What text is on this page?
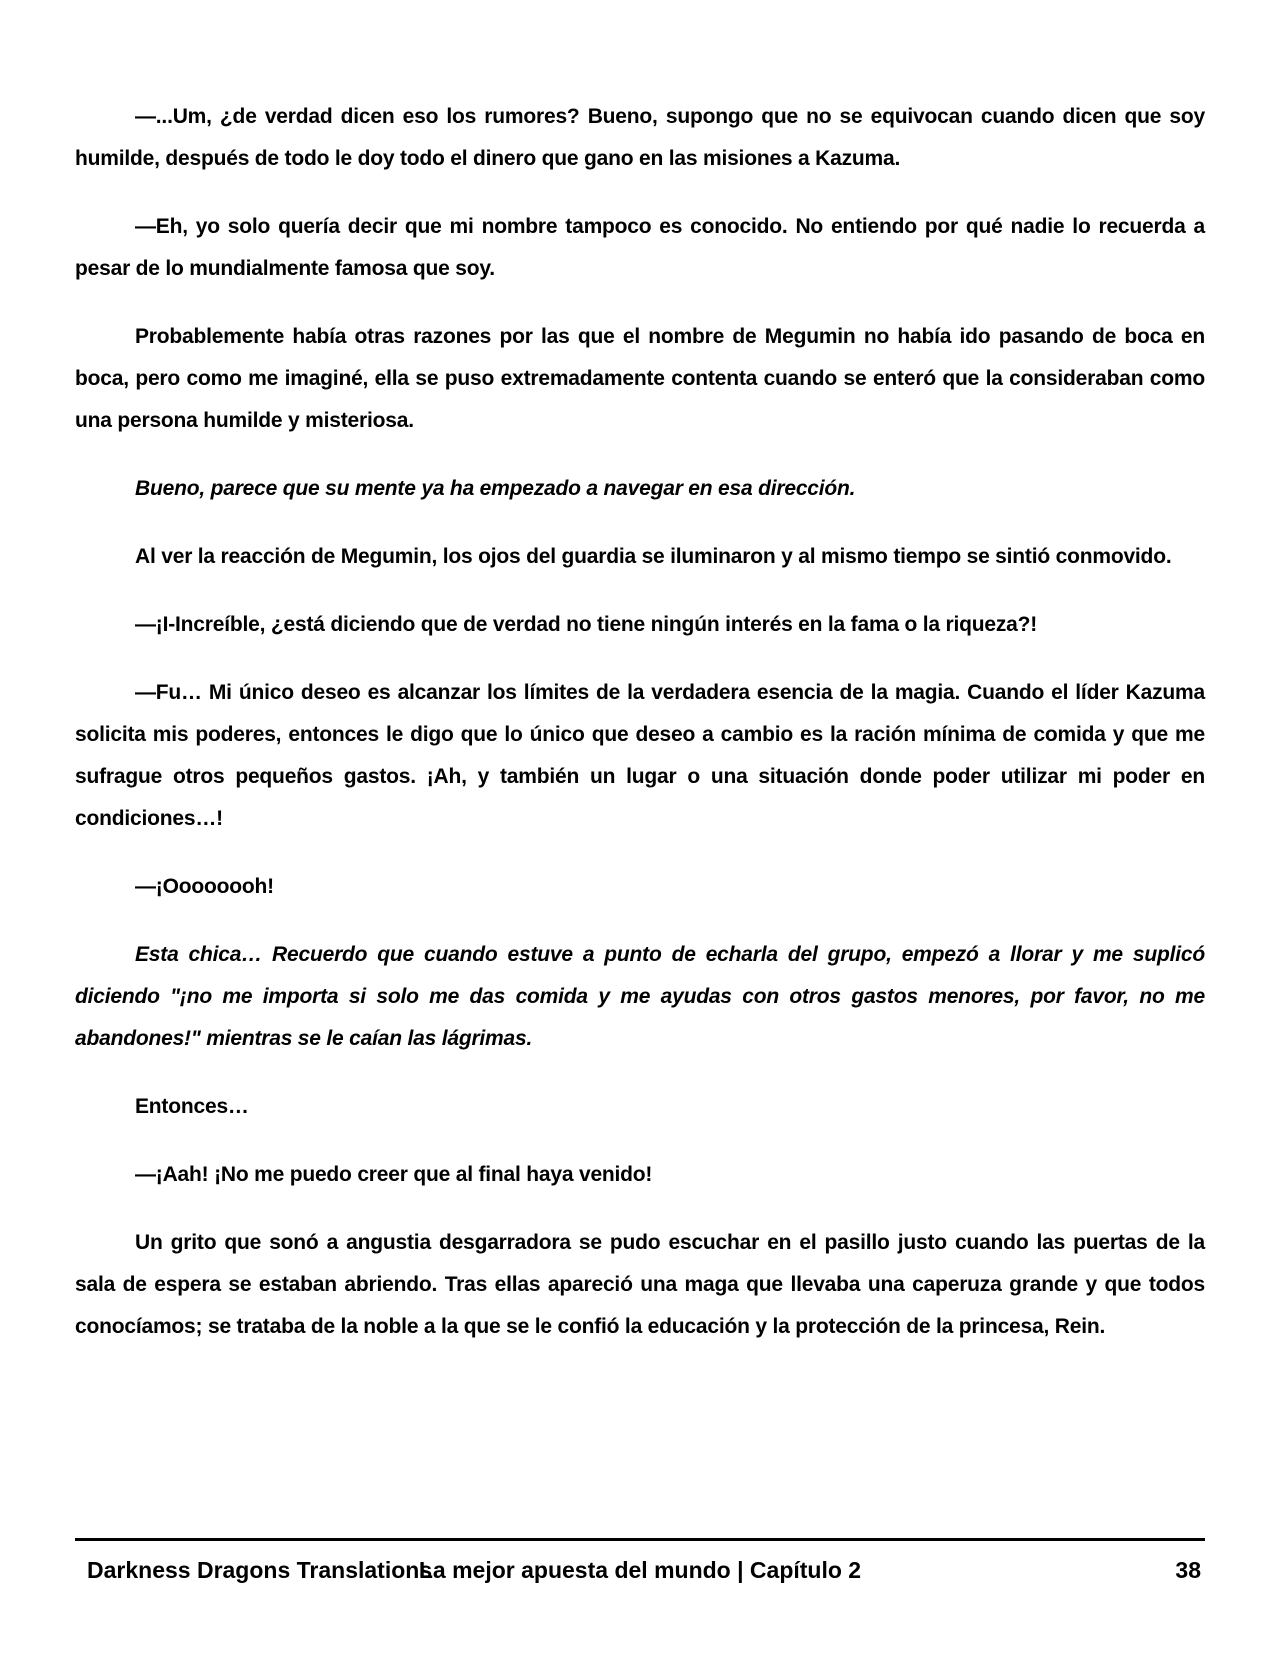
—...Um, ¿de verdad dicen eso los rumores? Bueno, supongo que no se equivocan cuando dicen que soy humilde, después de todo le doy todo el dinero que gano en las misiones a Kazuma.

—Eh, yo solo quería decir que mi nombre tampoco es conocido. No entiendo por qué nadie lo recuerda a pesar de lo mundialmente famosa que soy.

Probablemente había otras razones por las que el nombre de Megumin no había ido pasando de boca en boca, pero como me imaginé, ella se puso extremadamente contenta cuando se enteró que la consideraban como una persona humilde y misteriosa.

Bueno, parece que su mente ya ha empezado a navegar en esa dirección.

Al ver la reacción de Megumin, los ojos del guardia se iluminaron y al mismo tiempo se sintió conmovido.

—¡I-Increíble, ¿está diciendo que de verdad no tiene ningún interés en la fama o la riqueza?!

—Fu… Mi único deseo es alcanzar los límites de la verdadera esencia de la magia. Cuando el líder Kazuma solicita mis poderes, entonces le digo que lo único que deseo a cambio es la ración mínima de comida y que me sufrague otros pequeños gastos. ¡Ah, y también un lugar o una situación donde poder utilizar mi poder en condiciones…!

—¡Oooooooh!

Esta chica… Recuerdo que cuando estuve a punto de echarla del grupo, empezó a llorar y me suplicó diciendo "¡no me importa si solo me das comida y me ayudas con otros gastos menores, por favor, no me abandones!" mientras se le caían las lágrimas.

Entonces…

—¡Aah! ¡No me puedo creer que al final haya venido!

Un grito que sonó a angustia desgarradora se pudo escuchar en el pasillo justo cuando las puertas de la sala de espera se estaban abriendo. Tras ellas apareció una maga que llevaba una caperuza grande y que todos conocíamos; se trataba de la noble a la que se le confió la educación y la protección de la princesa, Rein.

Darkness Dragons Translations
La mejor apuesta del mundo | Capítulo 2	38
